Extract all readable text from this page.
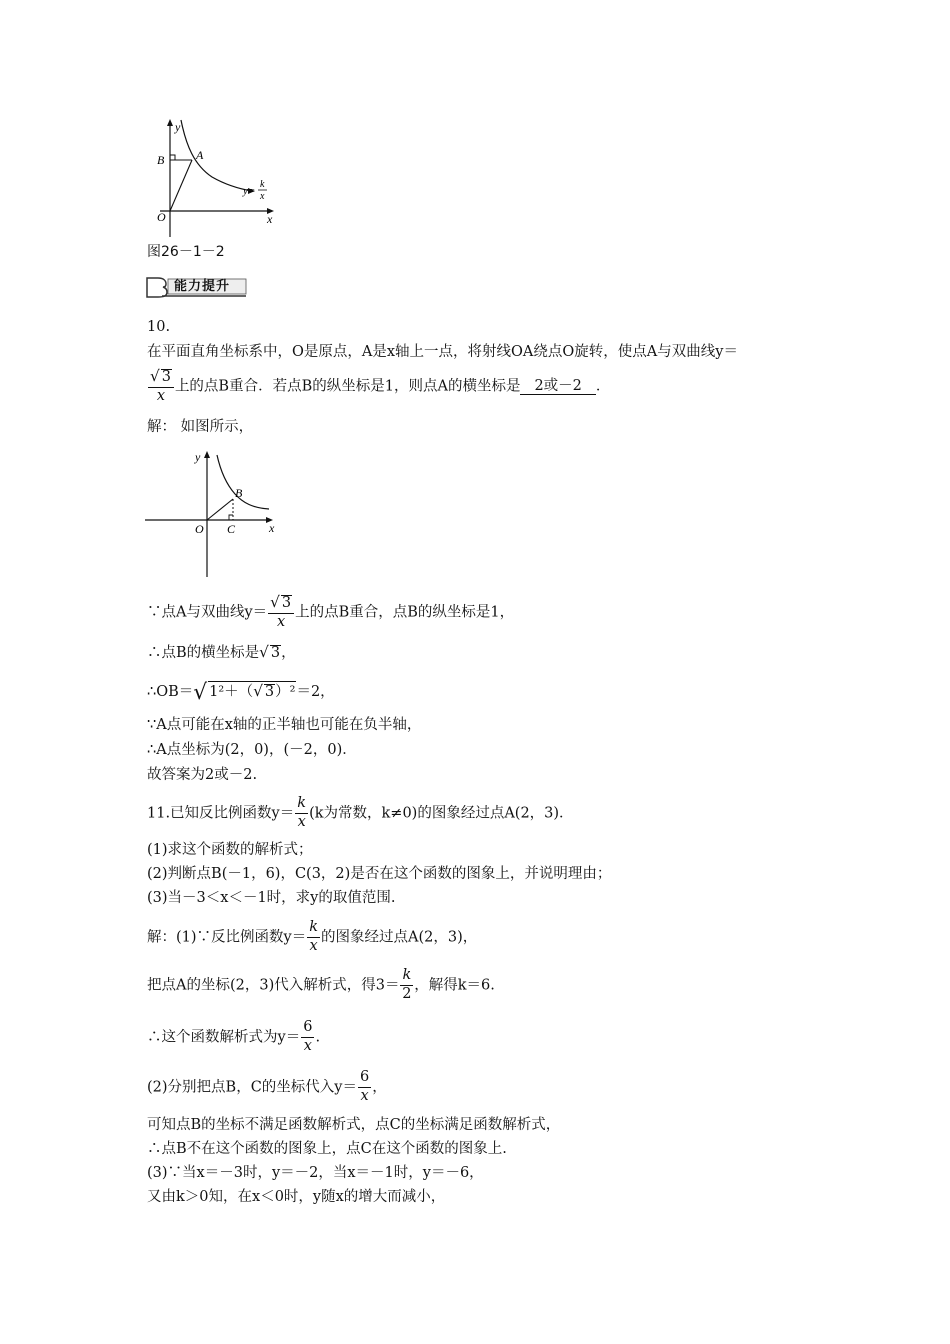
y
B	A
O	x
y=
k
x
图26－1－2
能力提升
10.
在平面直角坐标系中，O是原点，A是x轴上一点，将射线OA绕点O旋转，使点A与双曲线y＝
$\frac{√ 3}{x}$ 上的点B重合．若点B的纵坐标是1，则点A的横坐标是 2或－2 ．
解： 如图所示，
y
B
O C	x
∵点A与双曲线$y= \frac{√ 3}{x}$ 上的点B重合，点B的纵坐标是1，
∴点B的横坐标是√ 3，
∴OB＝√ 1²＋（√ 3）²＝2，
∵A点可能在x轴的正半轴也可能在负半轴，
∴A点坐标为(2，0)，(－2，0)．
故答案为2或－2.
11.已知反比例函数$y= \frac{k}{x} (k$为常数，k≠0)的图象经过点A(2，3)．
(1)求这个函数的解析式；
(2)判断点B(－1，6)，C(3，2)是否在这个函数的图象上，并说明理由；
(3)当－3＜x＜－1时，求y的取值范围.
解：(1)∵反比例函数$y= \frac{k}{x}$ 的图象经过点A(2，3)，
把点A的坐标(2，3)代入解析式，得$3= \frac{k}{2}$ ，解得k＝6.
∴这个函数解析式为$y= \frac{6}{x}$ .
(2)分别把点B，C的坐标代入$y= \frac{6}{x}$ ，
可知点B的坐标不满足函数解析式，点C的坐标满足函数解析式，
∴点B不在这个函数的图象上，点C在这个函数的图象上.
(3)∵当x＝－3时，y＝－2，当x＝－1时，y＝－6，
又由k＞0知，在x＜0时，y随x的增大而减小，
